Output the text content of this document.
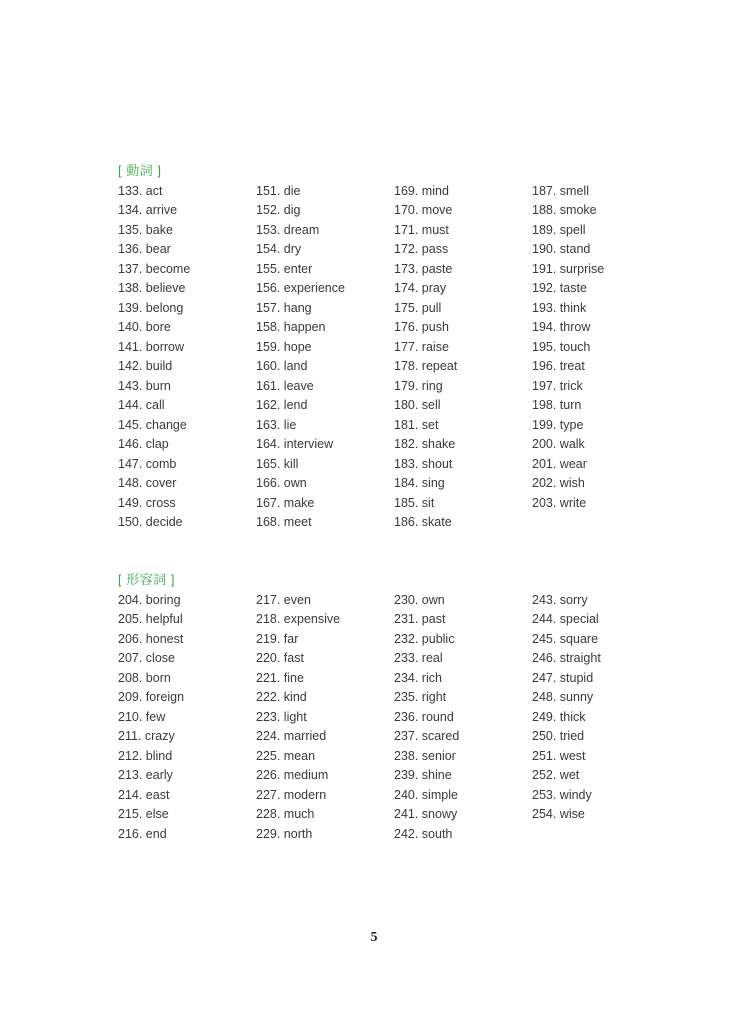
[ 動詞 ]
133. act
134. arrive
135. bake
136. bear
137. become
138. believe
139. belong
140. bore
141. borrow
142. build
143. burn
144. call
145. change
146. clap
147. comb
148. cover
149. cross
150. decide
151. die
152. dig
153. dream
154. dry
155. enter
156. experience
157. hang
158. happen
159. hope
160. land
161. leave
162. lend
163. lie
164. interview
165. kill
166. own
167. make
168. meet
169. mind
170. move
171. must
172. pass
173. paste
174. pray
175. pull
176. push
177. raise
178. repeat
179. ring
180. sell
181. set
182. shake
183. shout
184. sing
185. sit
186. skate
187. smell
188. smoke
189. spell
190. stand
191. surprise
192. taste
193. think
194. throw
195. touch
196. treat
197. trick
198. turn
199. type
200. walk
201. wear
202. wish
203. write
[ 形容詞 ]
204. boring
205. helpful
206. honest
207. close
208. born
209. foreign
210. few
211. crazy
212. blind
213. early
214. east
215. else
216. end
217. even
218. expensive
219. far
220. fast
221. fine
222. kind
223. light
224. married
225. mean
226. medium
227. modern
228. much
229. north
230. own
231. past
232. public
233. real
234. rich
235. right
236. round
237. scared
238. senior
239. shine
240. simple
241. snowy
242. south
243. sorry
244. special
245. square
246. straight
247. stupid
248. sunny
249. thick
250. tried
251. west
252. wet
253. windy
254. wise
5
